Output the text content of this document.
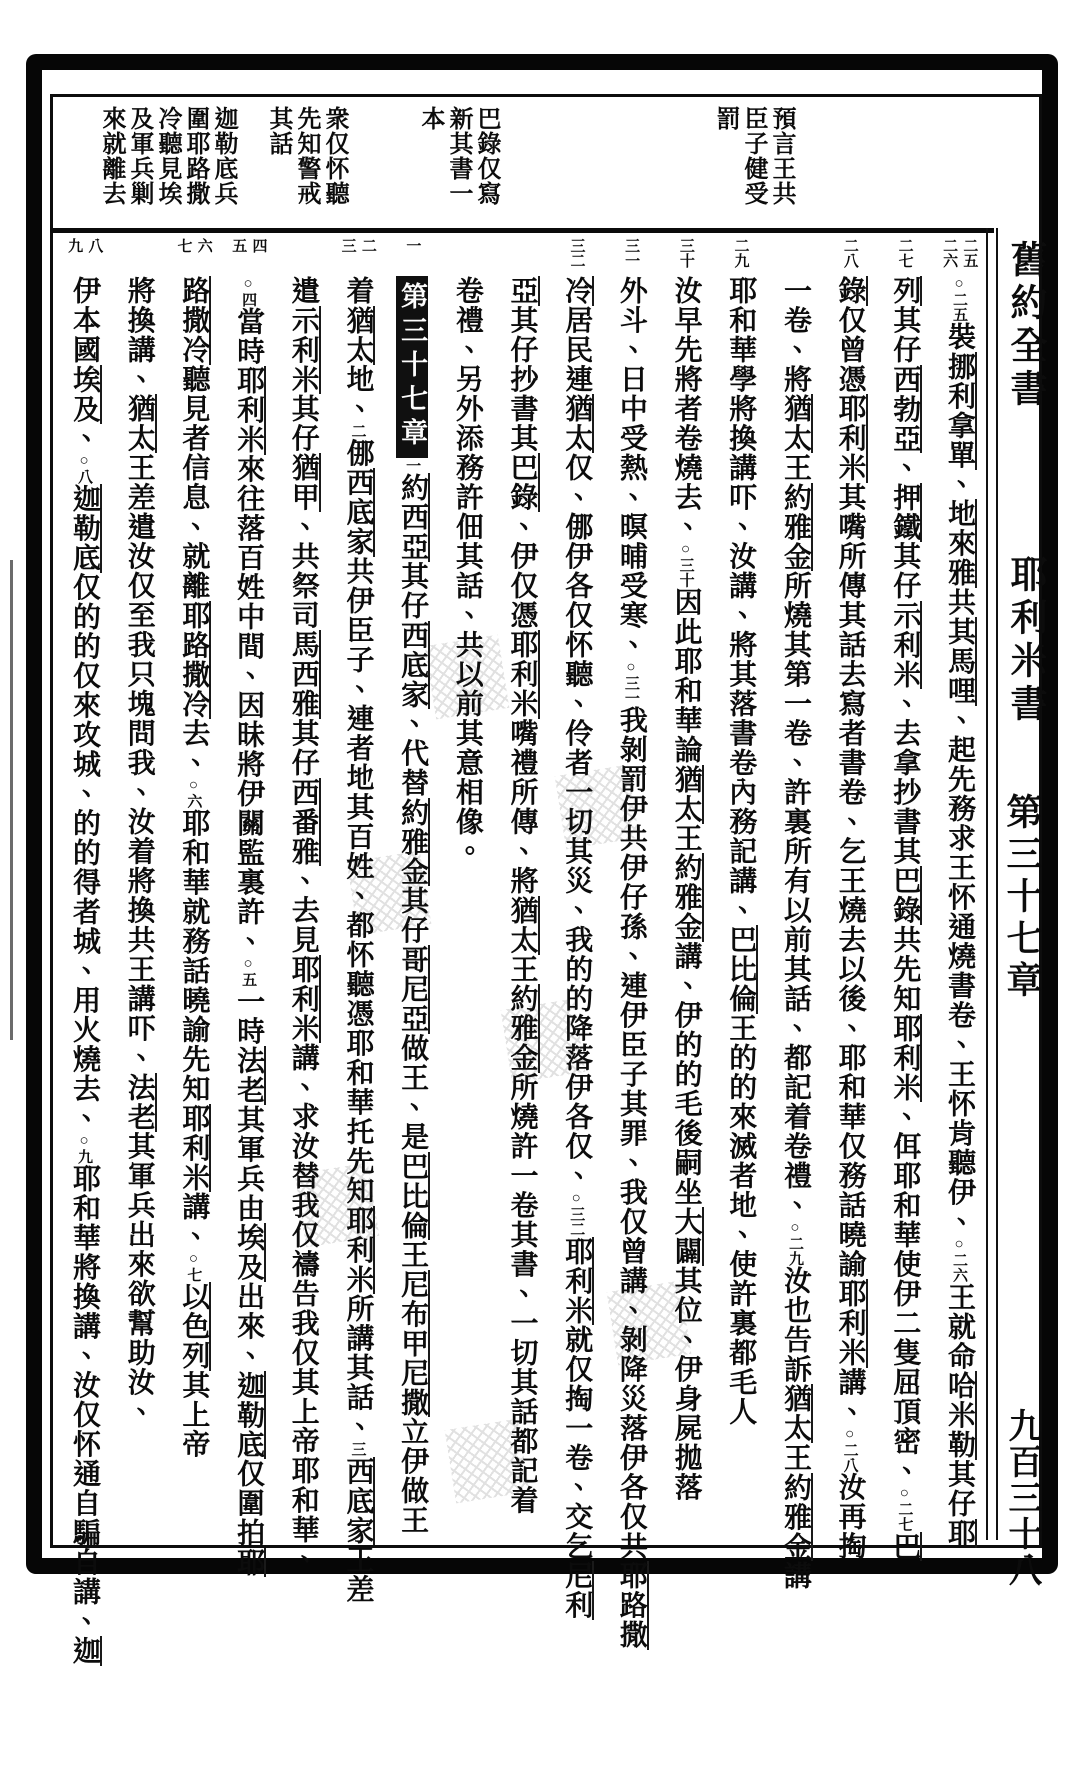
舊約全書
耶利米書
第三十七章
九百三十八
預言王共臣子健受罰
巴錄仅寫新其書一本
衆仅怀聽先知警戒其話
迦勒底兵圍耶路撒冷聽見埃及軍兵剿來就離去
二五
二六
○二五裝挪利拿單、地來雅共其馬哩、起先務求王怀通燒書卷、王怀肯聽伊、○二六王就命哈米勒其仔耶
二七
列其仔西勃亞、押鐵其仔示利米、去拿抄書其巴錄共先知耶利米、佴耶和華使伊二隻屈頂密、○二七巴
二八
錄仅曾憑耶利米其嘴所傳其話去寫者書卷、乞王燒去以後、耶和華仅務話曉諭耶利米講、○二八汝再掏
一卷、將猶太王約雅金所燒其第一卷、許裏所有以前其話、都記着卷禮、○二九汝也告訴猶太王約雅金講
二九
耶和華學將換講吓、汝講、將其落書卷內務記講、巴比倫王的的來滅者地、使許裏都毛人
三十
汝早先將者卷燒去、○三十因此耶和華論猶太王約雅金講、伊的的毛後嗣坐大闢其位、伊身屍拋落
三一
外斗、日中受熱、暝晡受寒、○三一我剝罰伊共伊仔孫、連伊臣子其罪、我仅曾講、剝降災落伊各仅共耶路撒
三二
冷居民連猶太仅、㑚伊各仅怀聽、伶者一切其災、我的的降落伊各仅、○三二耶利米就仅掏一卷、交乞尼利
亞其仔抄書其巴錄、伊仅憑耶利米嘴禮所傳、將猶太王約雅金所燒許一卷其書、一切其話都記着
卷禮、另外添務許佃其話、共以前其意相像。
一
第三十七章一約西亞其仔西底家、代替約雅金其仔哥尼亞做王、是巴比倫王尼布甲尼撒立伊做王
二
三
着猶太地、二㑚西底家共伊臣子、連者地其百姓、都怀聽憑耶和華托先知耶利米所講其話、三西底家王差
遣示利米其仔猶甲、共祭司馬西雅其仔西番雅、去見耶利米講、求汝替我仅禱告我仅其上帝耶和華、
四
五
○四當時耶利米來往落百姓中間、因昧將伊關監裏許、○五一時法老其軍兵由埃及出來、迦勒底仅圍拍耶
六
七
路撒冷聽見者信息、就離耶路撒冷去、○六耶和華就務話曉諭先知耶利米講、○七以色列其上帝
將換講、猶太王差遣汝仅至我只塊問我、汝着將換共王講吓、法老其軍兵出來欲幫助汝、
八
九
伊本國埃及、○八迦勒底仅的的仅來攻城、的的得者城、用火燒去、○九耶和華將換講、汝仅怀通自騙自講、迦
